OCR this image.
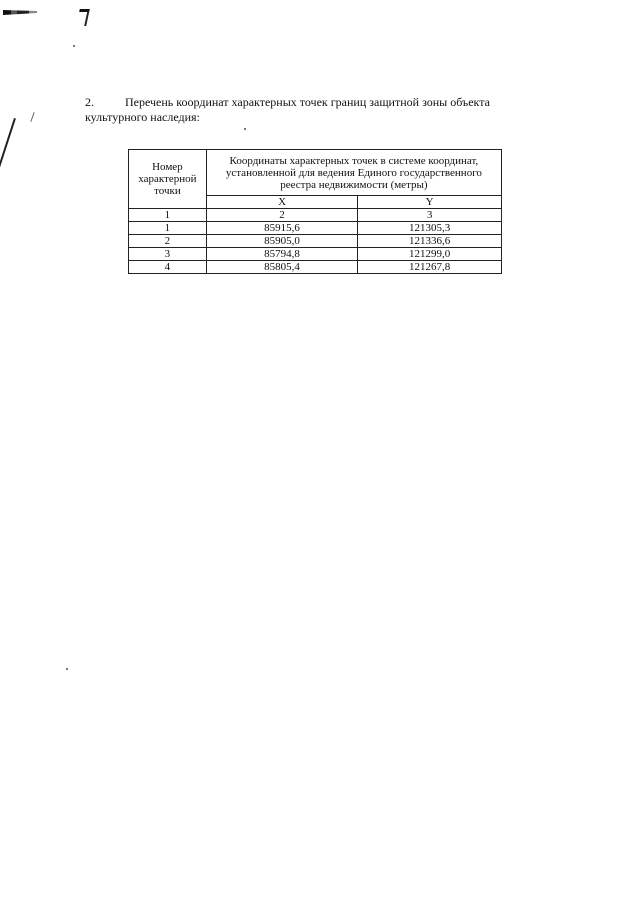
2.	Перечень координат характерных точек границ защитной зоны объекта культурного наследия:
Номер характерной точки	Координаты характерных точек в системе координат, установленной для ведения Единого государственного реестра недвижимости (метры)	
	X	Y
1	2	3
1	85915,6	121305,3
2	85905,0	121336,6
3	85794,8	121299,0
4	85805,4	121267,8
